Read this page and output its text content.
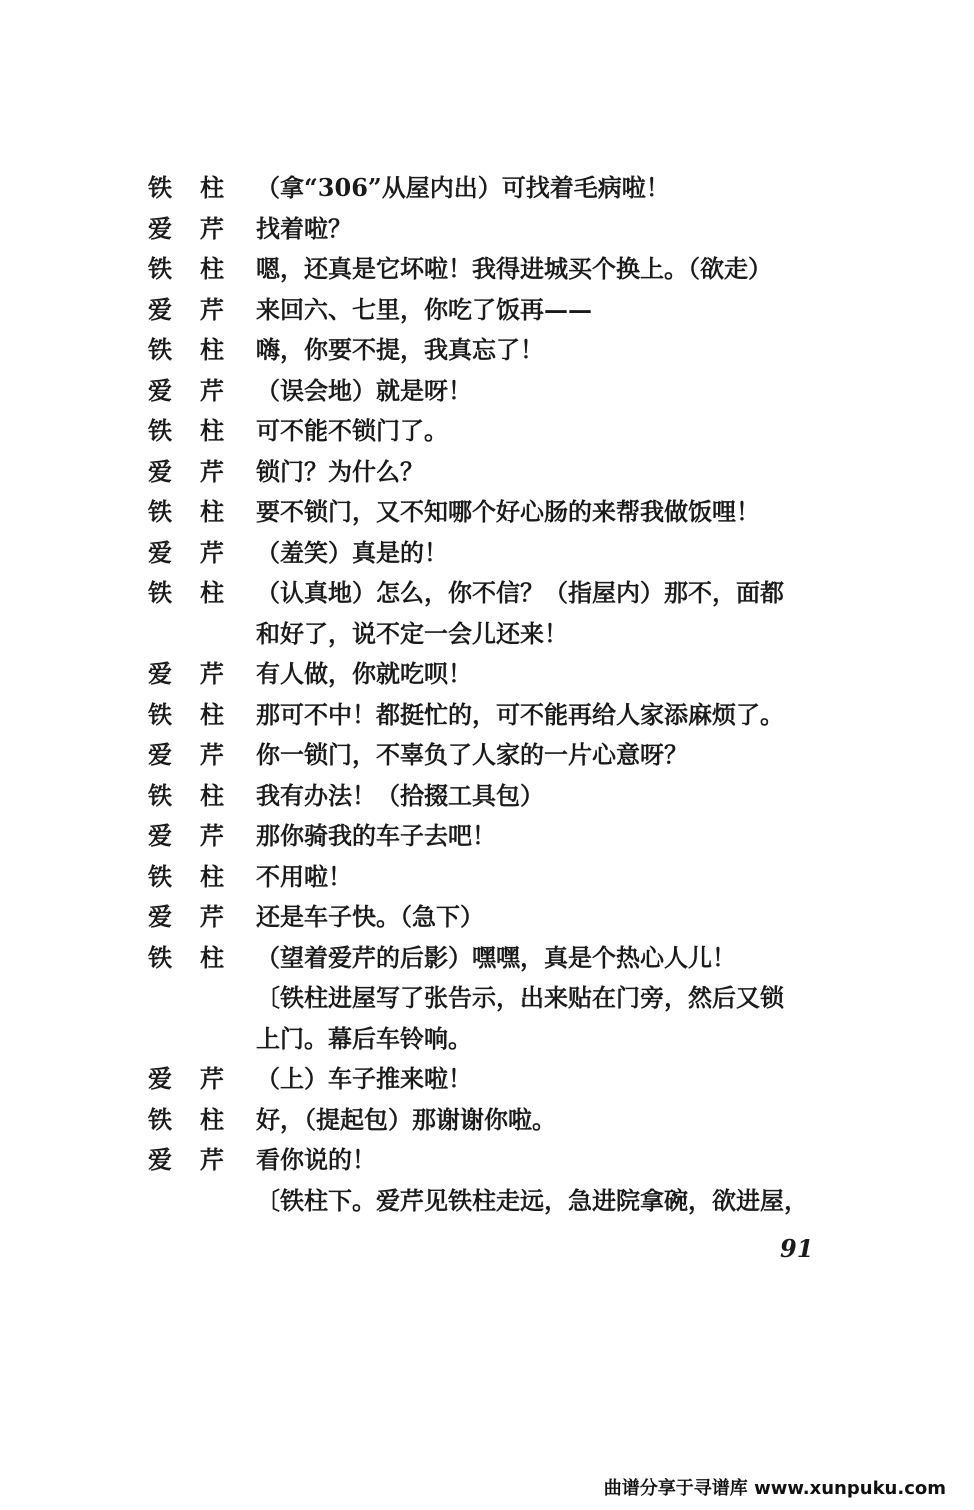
铁柱 （拿“306”从屋内出）可找着毛病啦！
爱芹 找着啦？
铁柱 嗯，还真是它坏啦！我得进城买个换上。（欲走）
爱芹 来回六、七里，你吃了饭再——
铁柱 嗨，你要不提，我真忘了！
爱芹 （误会地）就是呀！
铁柱 可不能不锁门了。
爱芹 锁门？为什么？
铁柱 要不锁门，又不知哪个好心肠的来帮我做饭哩！
爱芹 （羞笑）真是的！
铁柱 （认真地）怎么，你不信？（指屋内）那不，面都
和好了，说不定一会儿还来！
爱芹 有人做，你就吃呗！
铁柱 那可不中！都挺忙的，可不能再给人家添麻烦了。
爱芹 你一锁门，不辜负了人家的一片心意呀？
铁柱 我有办法！（拾掇工具包）
爱芹 那你骑我的车子去吧！
铁柱 不用啦！
爱芹 还是车子快。（急下）
铁柱 （望着爱芹的后影）嘿嘿，真是个热心人儿！
〔铁柱进屋写了张告示，出来贴在门旁，然后又锁
上门。幕后车铃响。
爱芹 （上）车子推来啦！
铁柱 好，（提起包）那谢谢你啦。
爱芹 看你说的！
〔铁柱下。爱芹见铁柱走远，急进院拿碗，欲进屋，
91
曲谱分享于寻谱库 www.xunpuku.com
